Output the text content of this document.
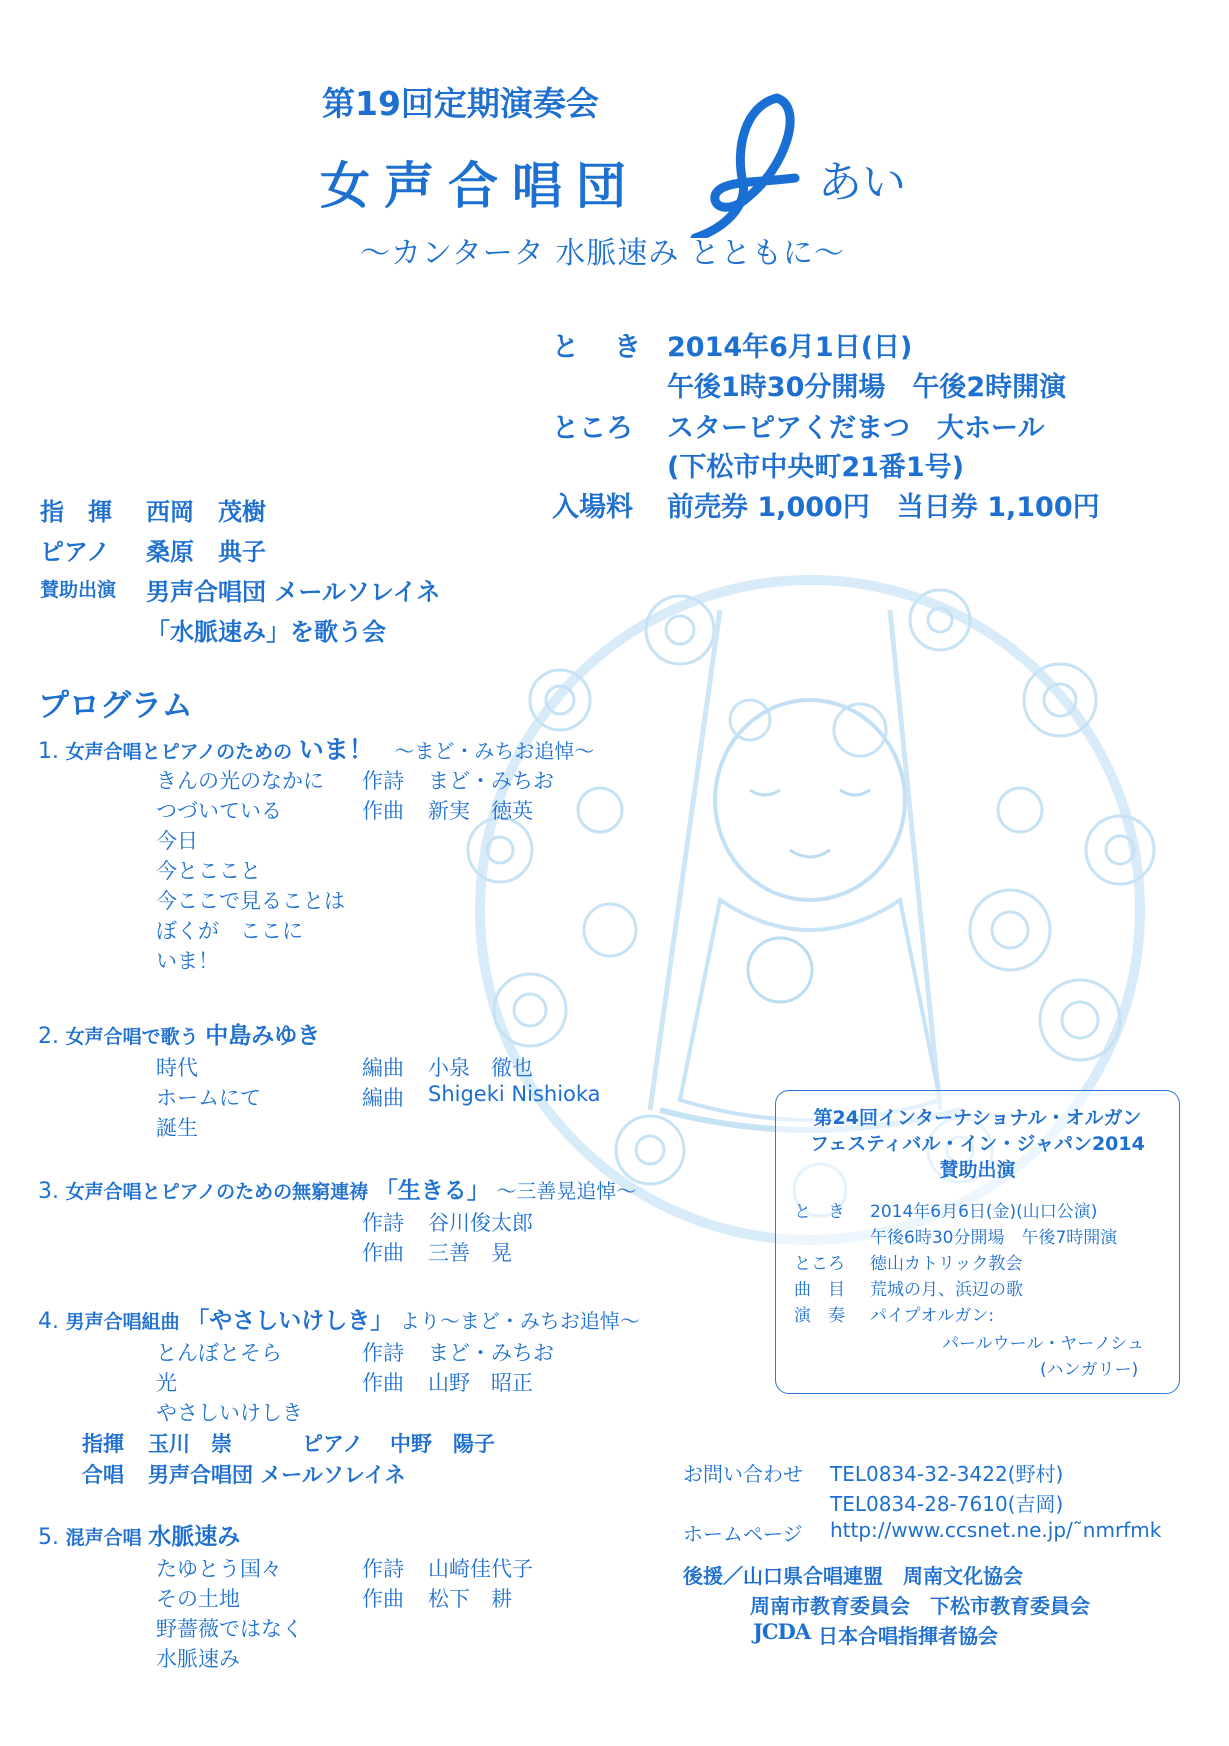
第19回定期演奏会
女声合唱団	あい
～カンタータ 水脈速み とともに～
と　き 2014年6月1日(日)
午後1時30分開場　午後2時開演
ところ スターピアくだまつ　大ホール
(下松市中央町21番1号)
入場料 前売券 1,000円　当日券 1,100円
指　揮 西岡　茂樹
ピアノ 桑原　典子
賛助出演 男声合唱団 メールソレイネ
「水脈速み」を歌う会
プログラム
1. 女声合唱とピアノのための いま！ ～まど・みちお追悼～
きんの光のなかに
つづいている
今日
今とここと
今ここで見ることは
ぼくが　ここに
いま！
作詩 まど・みちお
作曲 新実　徳英
2. 女声合唱で歌う 中島みゆき
時代
ホームにて
誕生
編曲 小泉　徹也
編曲 Shigeki Nishioka
3. 女声合唱とピアノのための無窮連祷 「生きる」 ～三善晃追悼～
作詩 谷川俊太郎
作曲 三善　晃
4. 男声合唱組曲 「やさしいけしき」 より～まど・みちお追悼～
とんぼとそら
光
やさしいけしき
作詩 まど・みちお
作曲 山野　昭正
指揮 玉川　崇	ピアノ 中野　陽子
合唱 男声合唱団 メールソレイネ
5. 混声合唱 水脈速み
たゆとう国々
その土地
野薔薇ではなく
水脈速み
作詩 山崎佳代子
作曲 松下　耕
第24回インターナショナル・オルガン
フェスティバル・イン・ジャパン2014
賛助出演
と　き 2014年6月6日(金)(山口公演)
午後6時30分開場　午後7時開演
ところ 徳山カトリック教会
曲　目 荒城の月、浜辺の歌
演　奏 パイプオルガン:
パールウール・ヤーノシュ
(ハンガリー)
お問い合わせ TEL0834-32-3422(野村)
TEL0834-28-7610(吉岡)
ホームページ http://www.ccsnet.ne.jp/˜nmrfmk
後援／山口県合唱連盟　周南文化協会
周南市教育委員会　下松市教育委員会
JCDA 日本合唱指揮者協会
